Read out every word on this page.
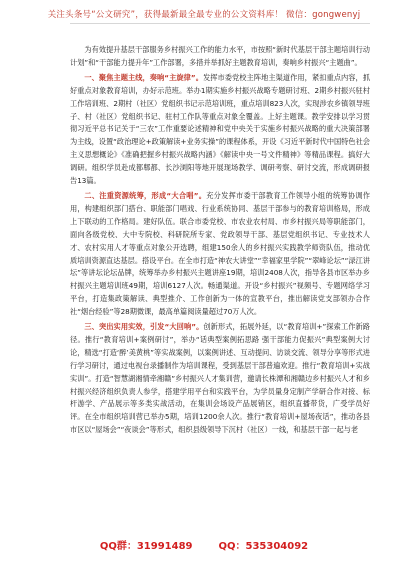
关注头条号“公文研究”，获得最新最全最专业的公文资料库！ 微信：gongwenyj

为有效提升基层干部服务乡村振兴工作的能力水平，市按照“新时代基层干部主题培训行动计划”和“干部能力提升年”工作部署，多措并举抓好主题教育培训，奏响乡村振兴“主题曲”。

一、聚焦主题主线，奏响“主旋律”。发挥市委党校主阵地主渠道作用，紧扣重点内容，抓好重点对象教育培训，办好示范班。举办1期实施乡村振兴战略专题研讨班、2期乡村振兴驻村工作培训班、2期村（社区）党组织书记示范培训班，重点培训823人次，实现涉农乡镇领导班子、村（社区）党组织书记、驻村工作队等重点对象全覆盖。上好主题课。教学安排以学习贯彻习近平总书记关于“三农”工作重要论述精神和党中央关于实施乡村振兴战略的重大决策部署为主线，设置“政治理论+政策解读+业务实操”的课程体系，开设《习近平新时代中国特色社会主义思想概论》《准确把握乡村振兴战略内涵》《解读中央一号文件精神》等精品课程。搞好大调研。组织学员赴成都郫都、长沙浏阳等地开展现场教学、调研考察、研讨交流，形成调研报告13篇。

二、注重资源统筹，形成“大合唱”。充分发挥市委干部教育工作领导小组的统筹协调作用，构建组织部门搭台、职能部门唱戏、行业系统协同、基层干部参与的教育培训格局，形成上下联动的工作格局。建好队伍。联合市委党校、市农业农村局、市乡村振兴局等职能部门，面向各级党校、大中专院校、科研院所专家、党政领导干部、基层党组织书记、专业技术人才、农村实用人才等重点对象公开选聘，组建150余人的乡村振兴实践教学师资队伍，推动优质培训资源直达基层。搭设平台。在全市打造“神农大讲堂”“幸福家里学院”“翠峰论坛”“渌江讲坛”等讲坛论坛品牌，统筹举办乡村振兴主题讲座19期，培训2408人次，指导各县市区举办乡村振兴主题培训班49期，培训6127人次。畅通渠道。开设“乡村振兴”视频号、专题网络学习平台，打造集政策解读、典型推介、工作创新为一体的宣教平台，推出解读党支部领办合作社“烟台经验”等28期微课，最高单篇阅读量超过70万人次。

三、突出实用实效，引发“大回响”。创新形式，拓展外延，以“教育培训+”探索工作新路径。推行“教育培训+案例研讨”，举办“话典型案例拓思路 强干部能力促振兴”典型案例大讨论，精选“打造‘醉’美黄桃”等实战案例，以案例讲述、互动提问、访谈交流、领导分享等形式进行学习研讨，通过电视台录播制作为培训课程，受到基层干部普遍欢迎。推行“教育培训+实战实训”。打造“智慧湖湘情牵湘赣”乡村振兴人才集训营，邀请长株潭和湘赣边乡村振兴人才和乡村振兴经济组织负责人参学，搭建学用平台和实践平台，为学员量身定制产学研合作对接、标杆游学、产品展示等多类实战活动，在集训会场设产品展销区，组织直播带货，广受学员好评。在全市组织培训营已举办5期，培训1200余人次。推行“教育培训+屋场夜话”，推动各县市区以“屋场会”“夜谈会”等形式，组织县级领导下沉村（社区）一线，和基层干部一起与老

QQ群：31991489	QQ：535304092
